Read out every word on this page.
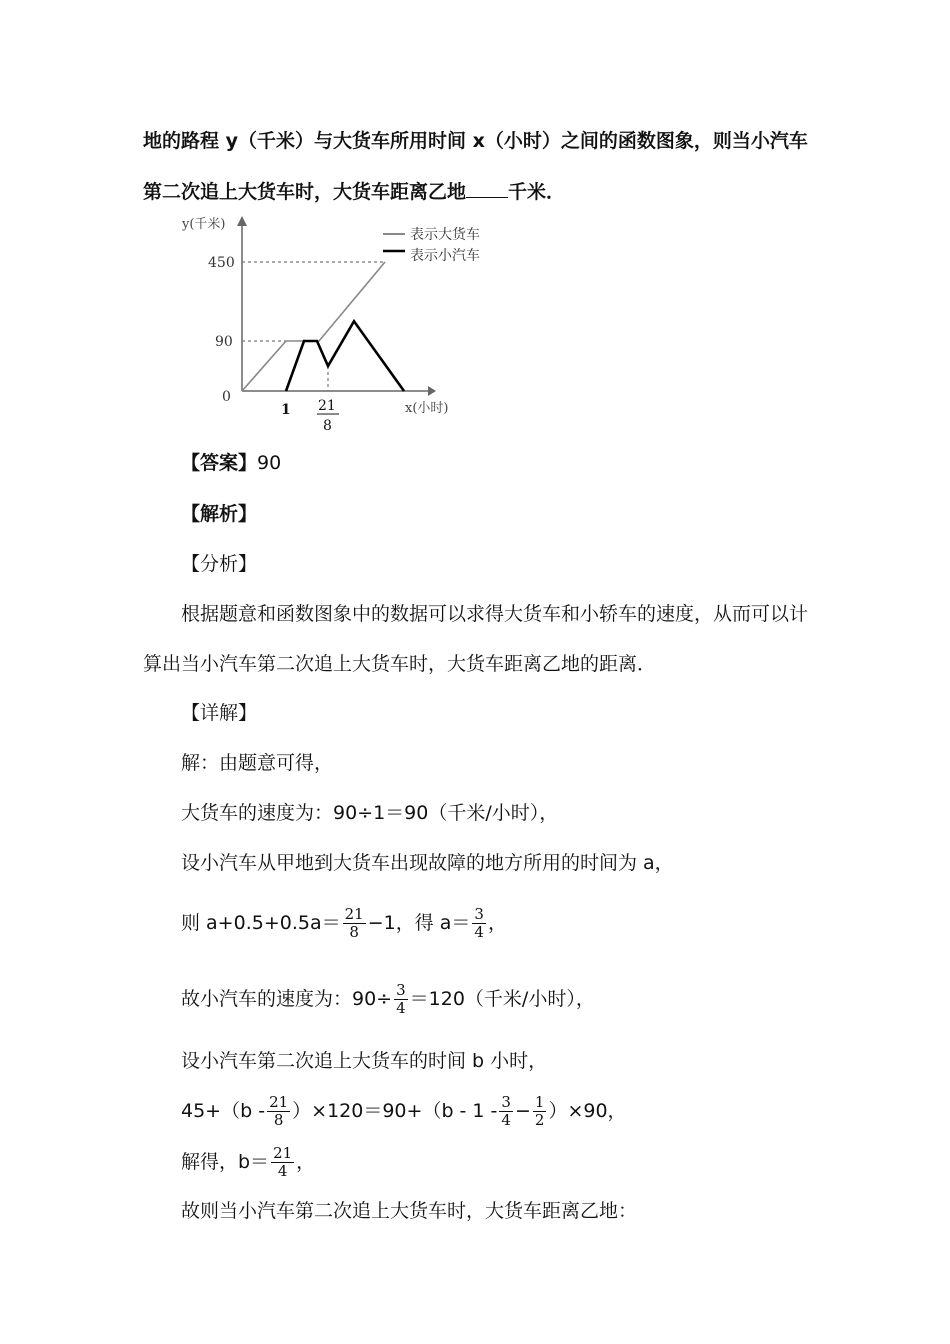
地的路程 y（千米）与大货车所用时间 x（小时）之间的函数图象，则当小汽车
第二次追上大货车时，大货车距离乙地 千米．
y(千米)
x(小时)
450
90
0
1 21
8
表示大货车
表示小汽车
【答案】90
【解析】
【分析】
根据题意和函数图象中的数据可以求得大货车和小轿车的速度，从而可以计
算出当小汽车第二次追上大货车时，大货车距离乙地的距离．
【详解】
解：由题意可得，
大货车的速度为：90÷1＝90（千米/小时），
设小汽车从甲地到大货车出现故障的地方所用的时间为 a，
则 $a+0.5+0.5a= \frac{21}{8} -1$，得 $a= \frac{3}{4}$ ，
故小汽车的速度为：$90\div \frac{3}{4} =120$（千米/小时），
设小汽车第二次追上大货车的时间 b 小时，
$45+(b - \frac{21}{8} )\times 120=90+(b - 1 - \frac{3}{4} - \frac{1}{2} )\times 90$，
解得，$b= \frac{21}{4}$ ，
故则当小汽车第二次追上大货车时，大货车距离乙地：
